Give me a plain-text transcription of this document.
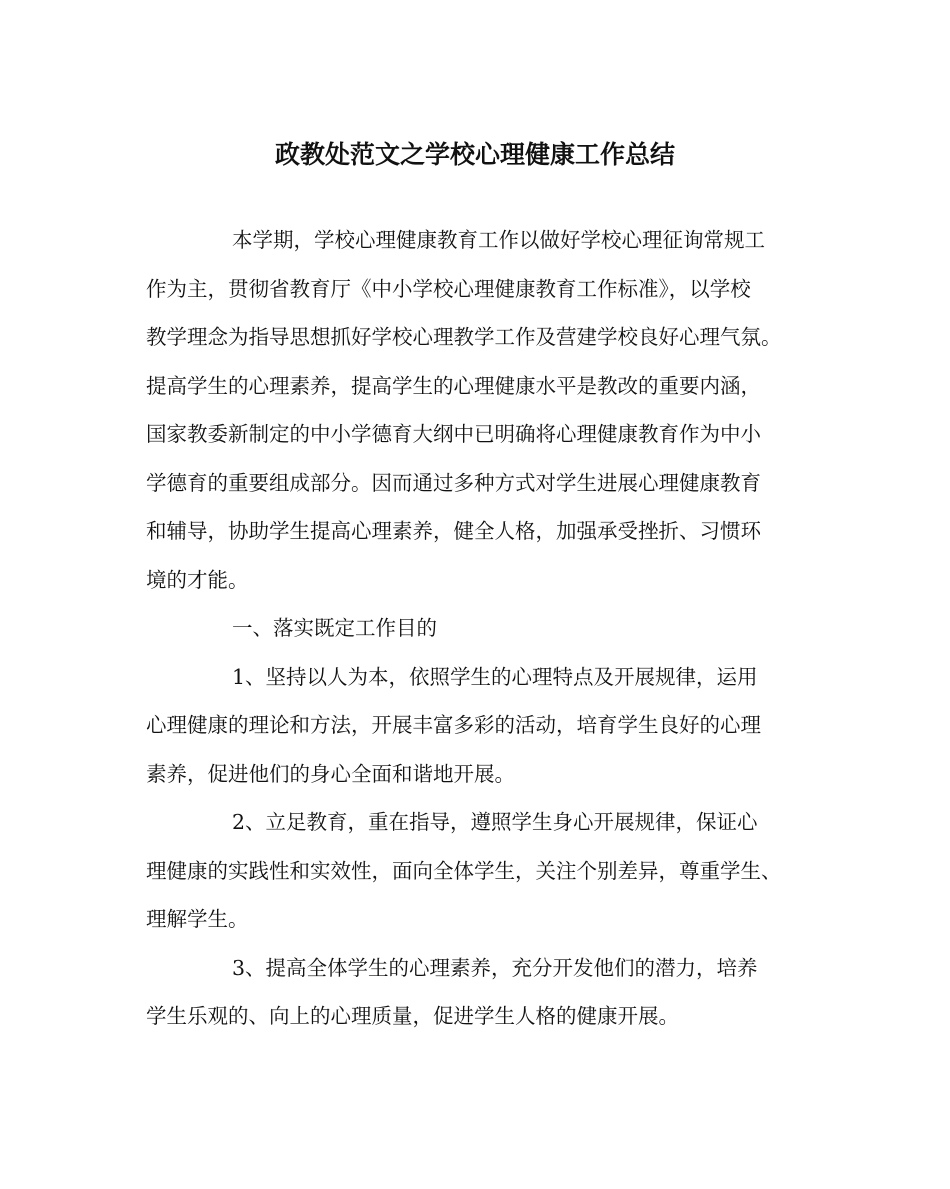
政教处范文之学校心理健康工作总结
本学期，学校心理健康教育工作以做好学校心理征询常规工
作为主，贯彻省教育厅《中小学校心理健康教育工作标准》，以学校
教学理念为指导思想抓好学校心理教学工作及营建学校良好心理气氛。
提高学生的心理素养，提高学生的心理健康水平是教改的重要内涵，
国家教委新制定的中小学德育大纲中已明确将心理健康教育作为中小
学德育的重要组成部分。因而通过多种方式对学生进展心理健康教育
和辅导，协助学生提高心理素养，健全人格，加强承受挫折、习惯环
境的才能。
一、落实既定工作目的
1、坚持以人为本，依照学生的心理特点及开展规律，运用
心理健康的理论和方法，开展丰富多彩的活动，培育学生良好的心理
素养，促进他们的身心全面和谐地开展。
2、立足教育，重在指导，遵照学生身心开展规律，保证心
理健康的实践性和实效性，面向全体学生，关注个别差异，尊重学生、
理解学生。
3、提高全体学生的心理素养，充分开发他们的潜力，培养
学生乐观的、向上的心理质量，促进学生人格的健康开展。
